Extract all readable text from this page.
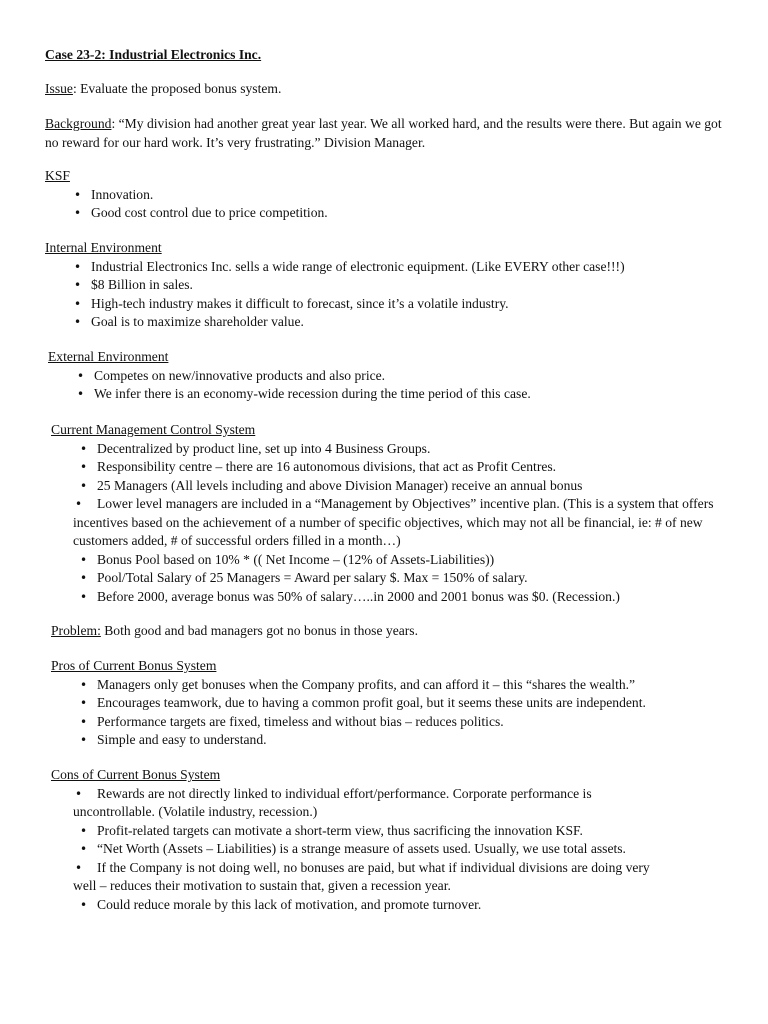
Case 23-2: Industrial Electronics Inc.
Issue: Evaluate the proposed bonus system.
Background: “My division had another great year last year. We all worked hard, and the results were there. But again we got no reward for our hard work. It’s very frustrating.” Division Manager.
KSF
• Innovation.
• Good cost control due to price competition.
Internal Environment
• Industrial Electronics Inc. sells a wide range of electronic equipment. (Like EVERY other case!!!)
• $8 Billion in sales.
• High-tech industry makes it difficult to forecast, since it’s a volatile industry.
• Goal is to maximize shareholder value.
External Environment
• Competes on new/innovative products and also price.
• We infer there is an economy-wide recession during the time period of this case.
Current Management Control System
• Decentralized by product line, set up into 4 Business Groups.
• Responsibility centre – there are 16 autonomous divisions, that act as Profit Centres.
• 25 Managers (All levels including and above Division Manager) receive an annual bonus
• Lower level managers are included in a “Management by Objectives” incentive plan. (This is a system that offers incentives based on the achievement of a number of specific objectives, which may not all be financial, ie: # of new customers added, # of successful orders filled in a month…)
• Bonus Pool based on 10% * (( Net Income – (12% of Assets-Liabilities))
• Pool/Total Salary of 25 Managers = Award per salary $. Max = 150% of salary.
• Before 2000, average bonus was 50% of salary…..in 2000 and 2001 bonus was $0. (Recession.)
Problem: Both good and bad managers got no bonus in those years.
Pros of Current Bonus System
• Managers only get bonuses when the Company profits, and can afford it – this “shares the wealth.”
• Encourages teamwork, due to having a common profit goal, but it seems these units are independent.
• Performance targets are fixed, timeless and without bias – reduces politics.
• Simple and easy to understand.
Cons of Current Bonus System
• Rewards are not directly linked to individual effort/performance. Corporate performance is uncontrollable. (Volatile industry, recession.)
• Profit-related targets can motivate a short-term view, thus sacrificing the innovation KSF.
• “Net Worth (Assets – Liabilities) is a strange measure of assets used. Usually, we use total assets.
• If the Company is not doing well, no bonuses are paid, but what if individual divisions are doing very well – reduces their motivation to sustain that, given a recession year.
• Could reduce morale by this lack of motivation, and promote turnover.
